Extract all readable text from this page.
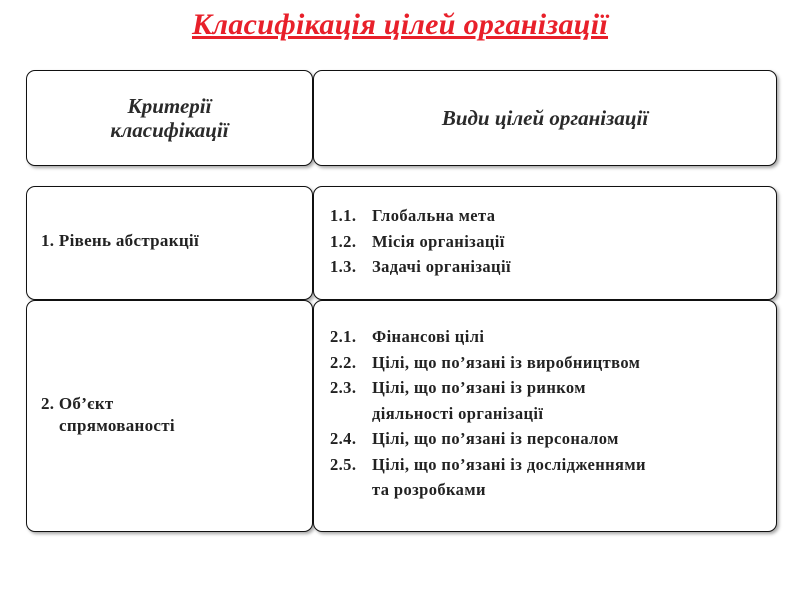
Класифікація цілей організації
Критерії
класифікації
Види цілей організації
1. Рівень абстракції
1.1. Глобальна мета
1.2. Місія організації
1.3. Задачі організації
2. Об’єкт
спрямованості
2.1. Фінансові цілі
2.2. Цілі, що по’язані із виробництвом
2.3. Цілі, що по’язані із ринком
діяльності організації
2.4. Цілі, що по’язані із персоналом
2.5. Цілі, що по’язані із дослідженнями
та розробками
